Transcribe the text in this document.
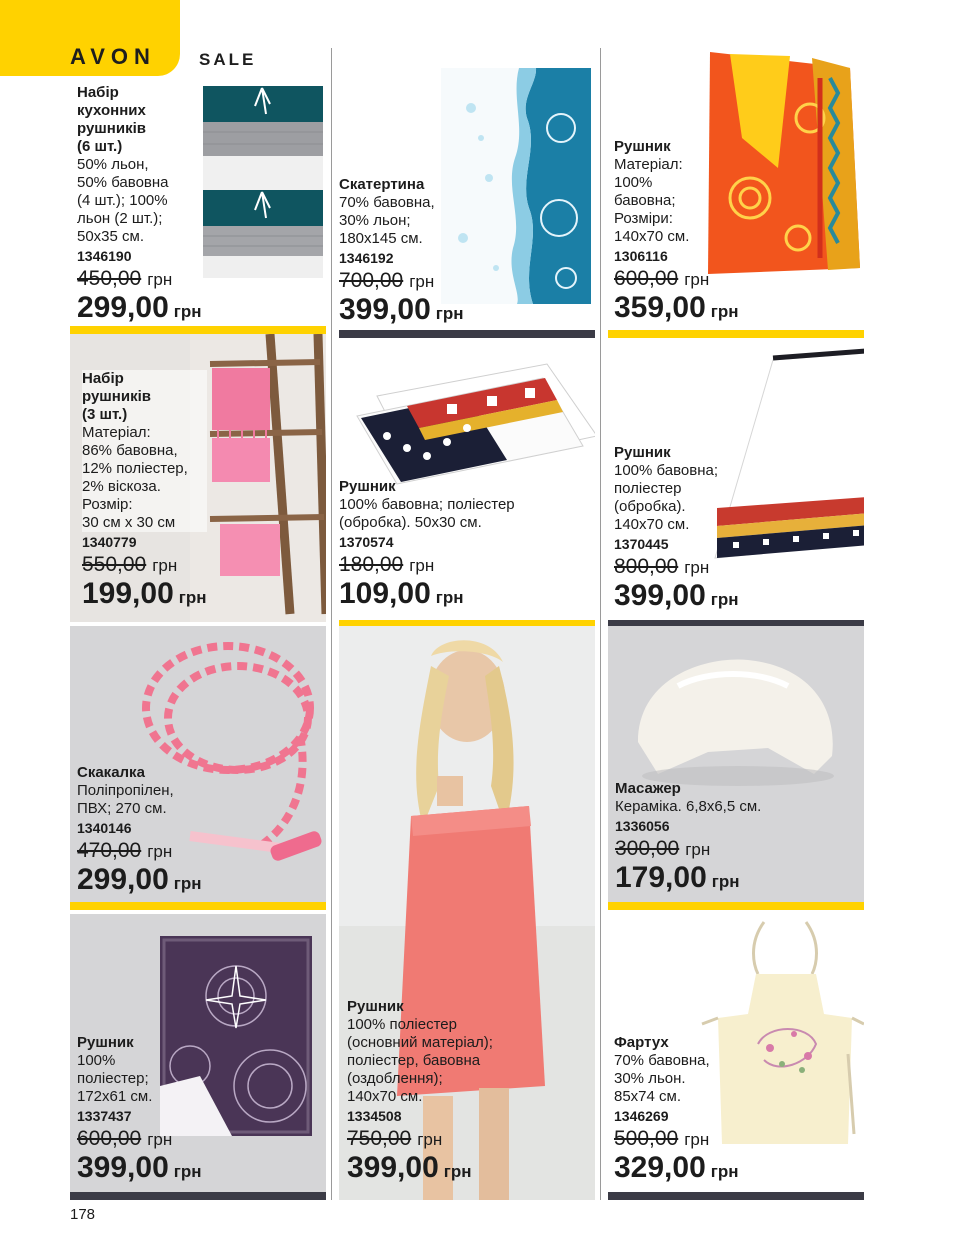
AVON	SALE
Набір
кухонних
рушників
(6 шт.)
50% льон,
50% бавовна
(4 шт.); 100%
льон (2 шт.);
50х35 см.
1346190
450,00 грн
299,00 грн
Скатертина
70% бавовна,
30% льон;
180х145 см.
1346192
700,00 грн
399,00 грн
Рушник
Матеріал:
100%
бавовна;
Розміри:
140х70 см.
1306116
600,00 грн
359,00 грн
Набір
рушників
(3 шт.)
Матеріал:
86% бавовна,
12% поліестер,
2% віскоза.
Розмір:
30 см х 30 см
1340779
550,00 грн
199,00 грн
Рушник
100% бавовна; поліестер
(обробка). 50х30 см.
1370574
180,00 грн
109,00 грн
Рушник
100% бавовна;
поліестер
(обробка).
140х70 см.
1370445
800,00 грн
399,00 грн
Скакалка
Поліпропілен,
ПВХ; 270 см.
1340146
470,00 грн
299,00 грн
Рушник
100% поліестер
(основний матеріал);
поліестер, бавовна
(оздоблення);
140х70 см.
1334508
750,00 грн
399,00 грн
Масажер
Кераміка. 6,8х6,5 см.
1336056
300,00 грн
179,00 грн
Рушник
100%
поліестер;
172х61 см.
1337437
600,00 грн
399,00 грн
Фартух
70% бавовна,
30% льон.
85х74 см.
1346269
500,00 грн
329,00 грн
178
